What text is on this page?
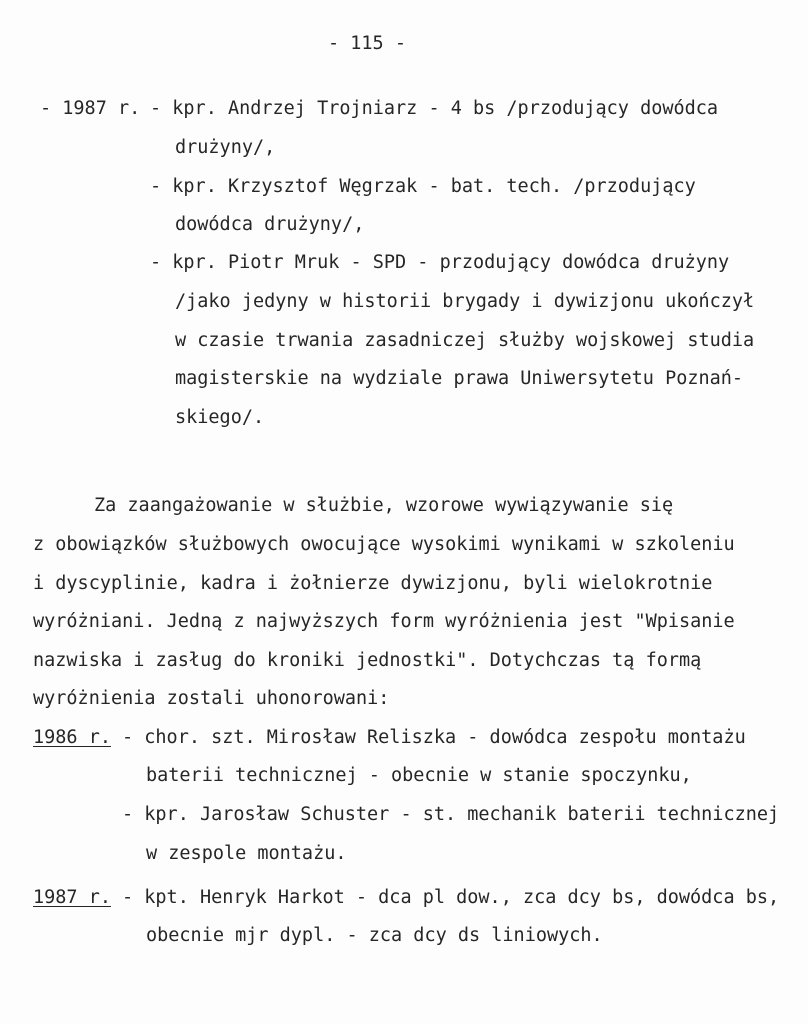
- 115 -
- 1987 r. - kpr. Andrzej Trojniarz - 4 bs /przodujący dowódca
drużyny/,
- kpr. Krzysztof Węgrzak - bat. tech. /przodujący
dowódca drużyny/,
- kpr. Piotr Mruk - SPD - przodujący dowódca drużyny
/jako jedyny w historii brygady i dywizjonu ukończył
w czasie trwania zasadniczej służby wojskowej studia
magisterskie na wydziale prawa Uniwersytetu Poznań-
skiego/.
Za zaangażowanie w służbie, wzorowe wywiązywanie się
z obowiązków służbowych owocujące wysokimi wynikami w szkoleniu
i dyscyplinie, kadra i żołnierze dywizjonu, byli wielokrotnie
wyróżniani. Jedną z najwyższych form wyróżnienia jest "Wpisanie
nazwiska i zasług do kroniki jednostki". Dotychczas tą formą
wyróżnienia zostali uhonorowani:
1986 r. - chor. szt. Mirosław Reliszka - dowódca zespołu montażu
baterii technicznej - obecnie w stanie spoczynku,
- kpr. Jarosław Schuster - st. mechanik baterii technicznej
w zespole montażu.
1987 r. - kpt. Henryk Harkot - dca pl dow., zca dcy bs, dowódca bs,
obecnie mjr dypl. - zca dcy ds liniowych.
